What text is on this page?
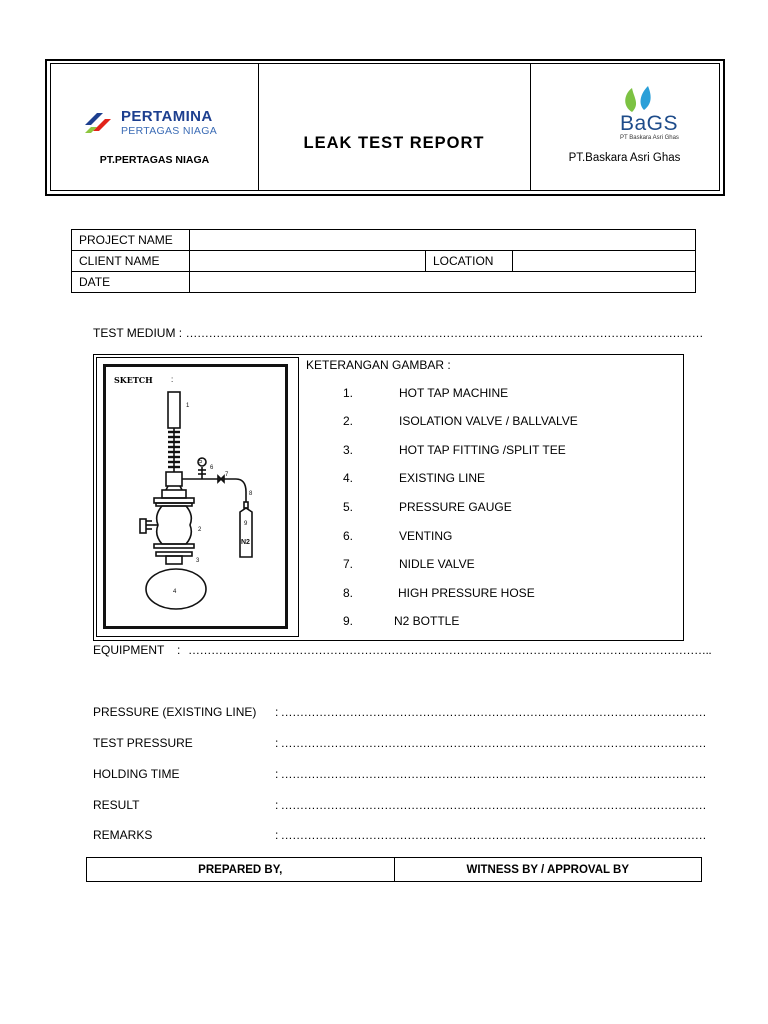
PERTAMINA
PERTAGAS NIAGA
PT.PERTAGAS NIAGA
LEAK TEST REPORT
BaGS
PT Baskara Asri Ghas
PT.Baskara Asri Ghas
PROJECT NAME			
CLIENT NAME		LOCATION	
DATE			
TEST MEDIUM : ………………………………………………………………………………………………………………………
SKETCH :
1
2
3
4
5
6
7
8
9
N2
KETERANGAN GAMBAR :
1.	HOT TAP MACHINE
2.	ISOLATION VALVE / BALLVALVE
3.	HOT TAP FITTING /SPLIT TEE
4.	EXISTING LINE
5.	PRESSURE GAUGE
6.	VENTING
7.	NIDLE VALVE
8.	HIGH PRESSURE HOSE
9.	N2 BOTTLE
EQUIPMENT : ………………………………………………………………………………………………………………………..
PRESSURE (EXISTING LINE) : …………………………………………………………………………………………………
TEST PRESSURE	: …………………………………………………………………………………………………
HOLDING TIME	: …………………………………………………………………………………………………
RESULT	: …………………………………………………………………………………………………
REMARKS	: …………………………………………………………………………………………………
PREPARED BY,	WITNESS BY / APPROVAL BY
